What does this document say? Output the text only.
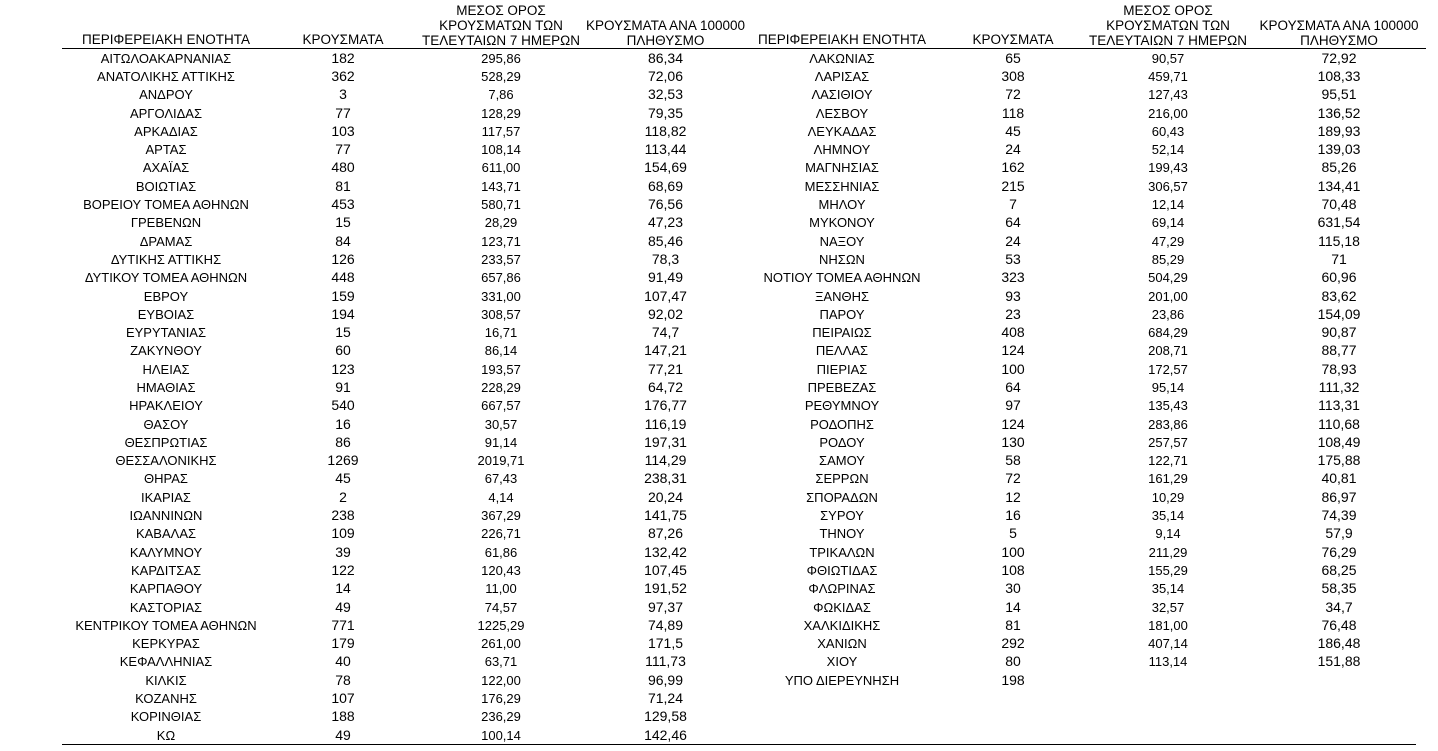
ΠΕΡΙΦΕΡΕΙΑΚΗ ΕΝΟΤΗΤΑ	ΚΡΟΥΣΜΑΤΑ	ΜΕΣΟΣ ΟΡΟΣ
ΚΡΟΥΣΜΑΤΩΝ ΤΩΝ
ΤΕΛΕΥΤΑΙΩΝ 7 ΗΜΕΡΩΝ	ΚΡΟΥΣΜΑΤΑ ΑΝΑ 100000
ΠΛΗΘΥΣΜΟ

ΑΙΤΩΛΟΑΚΑΡΝΑΝΙΑΣ	182	295,86	86,34
ΑΝΑΤΟΛΙΚΗΣ ΑΤΤΙΚΗΣ	362	528,29	72,06
ΑΝΔΡΟΥ	3	7,86	32,53
ΑΡΓΟΛΙΔΑΣ	77	128,29	79,35
ΑΡΚΑΔΙΑΣ	103	117,57	118,82
ΑΡΤΑΣ	77	108,14	113,44
ΑΧΑΪΑΣ	480	611,00	154,69
ΒΟΙΩΤΙΑΣ	81	143,71	68,69
ΒΟΡΕΙΟΥ ΤΟΜΕΑ ΑΘΗΝΩΝ	453	580,71	76,56
ΓΡΕΒΕΝΩΝ	15	28,29	47,23
ΔΡΑΜΑΣ	84	123,71	85,46
ΔΥΤΙΚΗΣ ΑΤΤΙΚΗΣ	126	233,57	78,3
ΔΥΤΙΚΟΥ ΤΟΜΕΑ ΑΘΗΝΩΝ	448	657,86	91,49
ΕΒΡΟΥ	159	331,00	107,47
ΕΥΒΟΙΑΣ	194	308,57	92,02
ΕΥΡΥΤΑΝΙΑΣ	15	16,71	74,7
ΖΑΚΥΝΘΟΥ	60	86,14	147,21
ΗΛΕΙΑΣ	123	193,57	77,21
ΗΜΑΘΙΑΣ	91	228,29	64,72
ΗΡΑΚΛΕΙΟΥ	540	667,57	176,77
ΘΑΣΟΥ	16	30,57	116,19
ΘΕΣΠΡΩΤΙΑΣ	86	91,14	197,31
ΘΕΣΣΑΛΟΝΙΚΗΣ	1269	2019,71	114,29
ΘΗΡΑΣ	45	67,43	238,31
ΙΚΑΡΙΑΣ	2	4,14	20,24
ΙΩΑΝΝΙΝΩΝ	238	367,29	141,75
ΚΑΒΑΛΑΣ	109	226,71	87,26
ΚΑΛΥΜΝΟΥ	39	61,86	132,42
ΚΑΡΔΙΤΣΑΣ	122	120,43	107,45
ΚΑΡΠΑΘΟΥ	14	11,00	191,52
ΚΑΣΤΟΡΙΑΣ	49	74,57	97,37
ΚΕΝΤΡΙΚΟΥ ΤΟΜΕΑ ΑΘΗΝΩΝ	771	1225,29	74,89
ΚΕΡΚΥΡΑΣ	179	261,00	171,5
ΚΕΦΑΛΛΗΝΙΑΣ	40	63,71	111,73
ΚΙΛΚΙΣ	78	122,00	96,99
ΚΟΖΑΝΗΣ	107	176,29	71,24
ΚΟΡΙΝΘΙΑΣ	188	236,29	129,58
ΚΩ	49	100,14	142,46
ΠΕΡΙΦΕΡΕΙΑΚΗ ΕΝΟΤΗΤΑ	ΚΡΟΥΣΜΑΤΑ	ΜΕΣΟΣ ΟΡΟΣ
ΚΡΟΥΣΜΑΤΩΝ ΤΩΝ
ΤΕΛΕΥΤΑΙΩΝ 7 ΗΜΕΡΩΝ	ΚΡΟΥΣΜΑΤΑ ΑΝΑ 100000
ΠΛΗΘΥΣΜΟ

ΛΑΚΩΝΙΑΣ	65	90,57	72,92
ΛΑΡΙΣΑΣ	308	459,71	108,33
ΛΑΣΙΘΙΟΥ	72	127,43	95,51
ΛΕΣΒΟΥ	118	216,00	136,52
ΛΕΥΚΑΔΑΣ	45	60,43	189,93
ΛΗΜΝΟΥ	24	52,14	139,03
ΜΑΓΝΗΣΙΑΣ	162	199,43	85,26
ΜΕΣΣΗΝΙΑΣ	215	306,57	134,41
ΜΗΛΟΥ	7	12,14	70,48
ΜΥΚΟΝΟΥ	64	69,14	631,54
ΝΑΞΟΥ	24	47,29	115,18
ΝΗΣΩΝ	53	85,29	71
ΝΟΤΙΟΥ ΤΟΜΕΑ ΑΘΗΝΩΝ	323	504,29	60,96
ΞΑΝΘΗΣ	93	201,00	83,62
ΠΑΡΟΥ	23	23,86	154,09
ΠΕΙΡΑΙΩΣ	408	684,29	90,87
ΠΕΛΛΑΣ	124	208,71	88,77
ΠΙΕΡΙΑΣ	100	172,57	78,93
ΠΡΕΒΕΖΑΣ	64	95,14	111,32
ΡΕΘΥΜΝΟΥ	97	135,43	113,31
ΡΟΔΟΠΗΣ	124	283,86	110,68
ΡΟΔΟΥ	130	257,57	108,49
ΣΑΜΟΥ	58	122,71	175,88
ΣΕΡΡΩΝ	72	161,29	40,81
ΣΠΟΡΑΔΩΝ	12	10,29	86,97
ΣΥΡΟΥ	16	35,14	74,39
ΤΗΝΟΥ	5	9,14	57,9
ΤΡΙΚΑΛΩΝ	100	211,29	76,29
ΦΘΙΩΤΙΔΑΣ	108	155,29	68,25
ΦΛΩΡΙΝΑΣ	30	35,14	58,35
ΦΩΚΙΔΑΣ	14	32,57	34,7
ΧΑΛΚΙΔΙΚΗΣ	81	181,00	76,48
ΧΑΝΙΩΝ	292	407,14	186,48
ΧΙΟΥ	80	113,14	151,88
ΥΠΟ ΔΙΕΡΕΥΝΗΣΗ	198		
